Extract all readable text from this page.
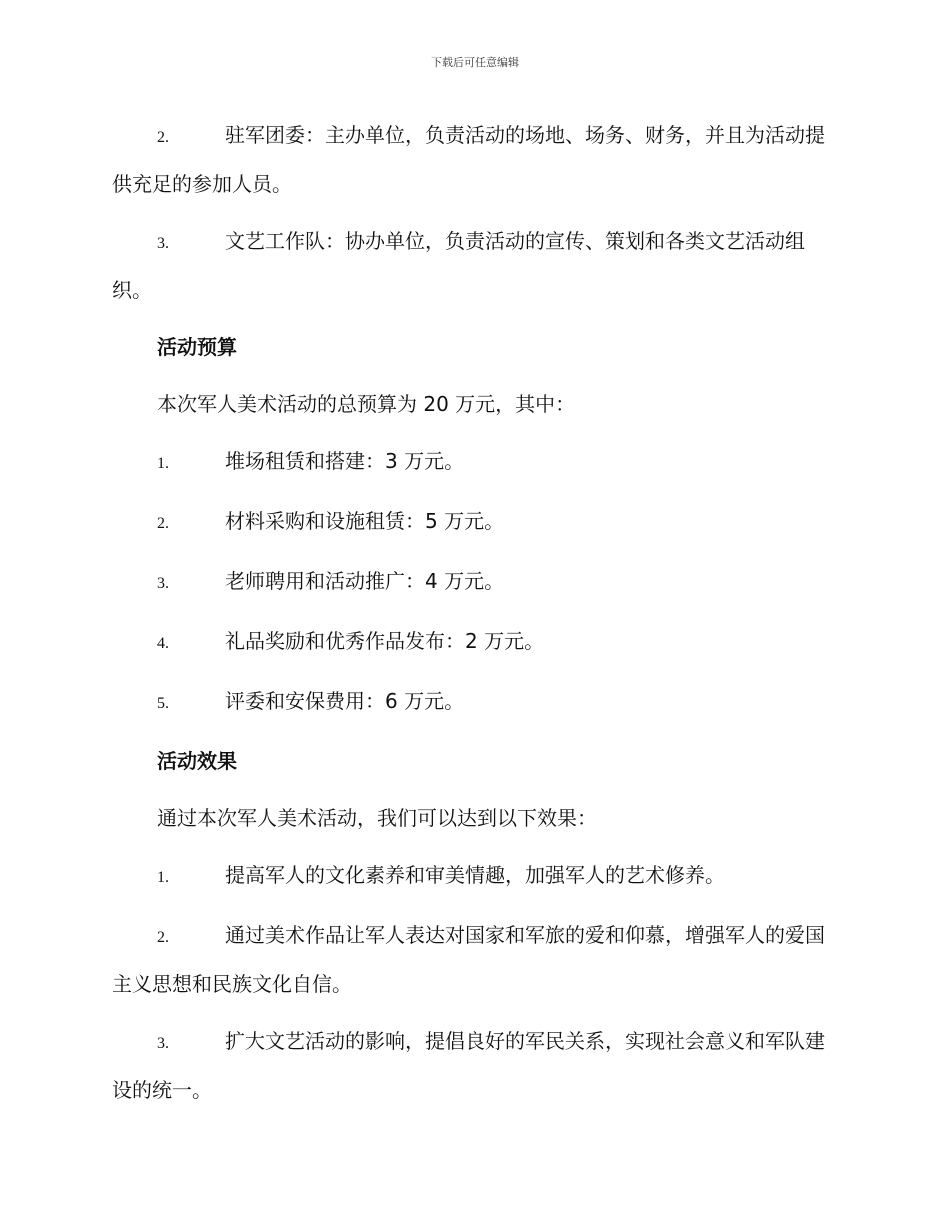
下载后可任意编辑

2.	驻军团委：主办单位，负责活动的场地、场务、财务，并且为活动提供充足的参加人员。

3.	文艺工作队：协办单位，负责活动的宣传、策划和各类文艺活动组织。

活动预算
本次军人美术活动的总预算为 20 万元，其中：

1.	堆场租赁和搭建：3 万元。

2.	材料采购和设施租赁：5 万元。

3.	老师聘用和活动推广：4 万元。

4.	礼品奖励和优秀作品发布：2 万元。

5.	评委和安保费用：6 万元。

活动效果
通过本次军人美术活动，我们可以达到以下效果：

1.	提高军人的文化素养和审美情趣，加强军人的艺术修养。

2.	通过美术作品让军人表达对国家和军旅的爱和仰慕，增强军人的爱国主义思想和民族文化自信。

3.	扩大文艺活动的影响，提倡良好的军民关系，实现社会意义和军队建设的统一。
